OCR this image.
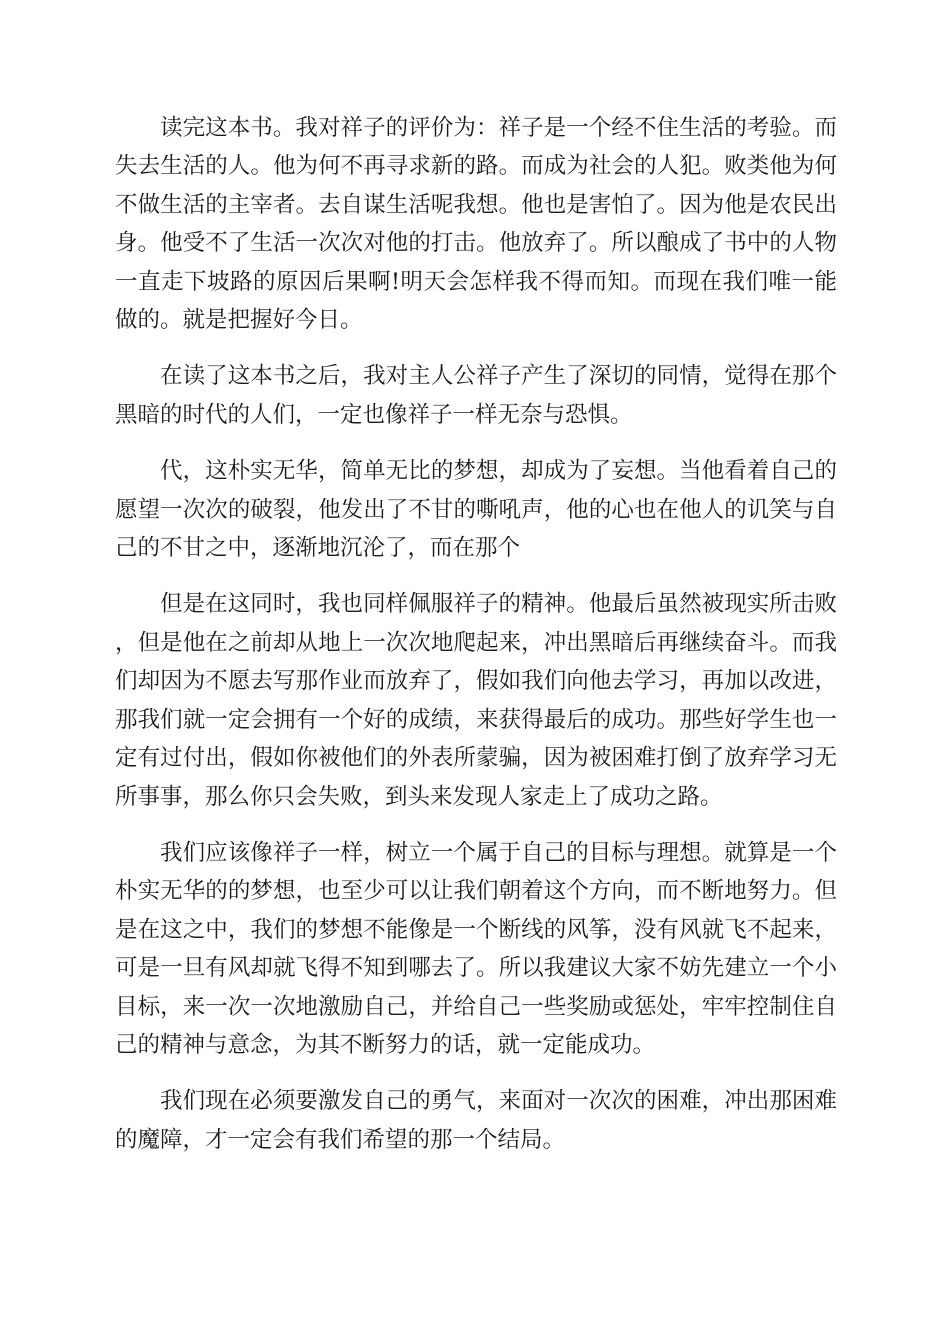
读完这本书。我对祥子的评价为：祥子是一个经不住生活的考验。而失去生活的人。他为何不再寻求新的路。而成为社会的人犯。败类他为何不做生活的主宰者。去自谋生活呢我想。他也是害怕了。因为他是农民出身。他受不了生活一次次对他的打击。他放弃了。所以酿成了书中的人物一直走下坡路的原因后果啊!明天会怎样我不得而知。而现在我们唯一能做的。就是把握好今日。

在读了这本书之后，我对主人公祥子产生了深切的同情，觉得在那个黑暗的时代的人们，一定也像祥子一样无奈与恐惧。

代，这朴实无华，简单无比的梦想，却成为了妄想。当他看着自己的愿望一次次的破裂，他发出了不甘的嘶吼声，他的心也在他人的讥笑与自己的不甘之中，逐渐地沉沦了，而在那个

但是在这同时，我也同样佩服祥子的精神。他最后虽然被现实所击败，但是他在之前却从地上一次次地爬起来，冲出黑暗后再继续奋斗。而我们却因为不愿去写那作业而放弃了，假如我们向他去学习，再加以改进，那我们就一定会拥有一个好的成绩，来获得最后的成功。那些好学生也一定有过付出，假如你被他们的外表所蒙骗，因为被困难打倒了放弃学习无所事事，那么你只会失败，到头来发现人家走上了成功之路。

我们应该像祥子一样，树立一个属于自己的目标与理想。就算是一个朴实无华的的梦想，也至少可以让我们朝着这个方向，而不断地努力。但是在这之中，我们的梦想不能像是一个断线的风筝，没有风就飞不起来，可是一旦有风却就飞得不知到哪去了。所以我建议大家不妨先建立一个小目标，来一次一次地激励自己，并给自己一些奖励或惩处，牢牢控制住自己的精神与意念，为其不断努力的话，就一定能成功。

我们现在必须要激发自己的勇气，来面对一次次的困难，冲出那困难的魔障，才一定会有我们希望的那一个结局。
